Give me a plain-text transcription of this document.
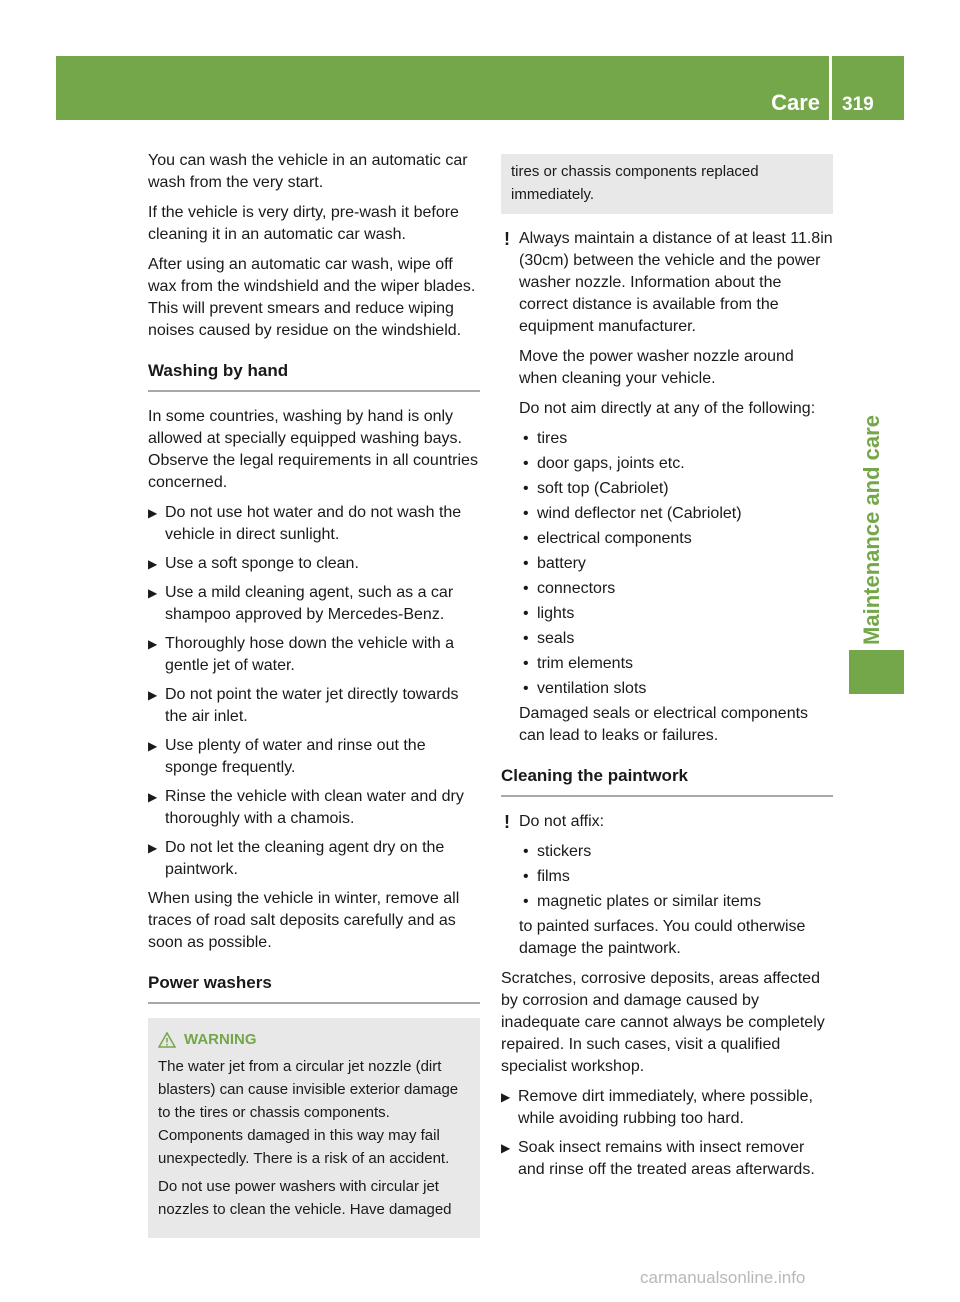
Care 319
Maintenance and care

You can wash the vehicle in an automatic car wash from the very start.

If the vehicle is very dirty, pre-wash it before cleaning it in an automatic car wash.

After using an automatic car wash, wipe off wax from the windshield and the wiper blades. This will prevent smears and reduce wiping noises caused by residue on the windshield.

Washing by hand

In some countries, washing by hand is only allowed at specially equipped washing bays. Observe the legal requirements in all countries concerned.

▶ Do not use hot water and do not wash the vehicle in direct sunlight.
▶ Use a soft sponge to clean.
▶ Use a mild cleaning agent, such as a car shampoo approved by Mercedes-Benz.
▶ Thoroughly hose down the vehicle with a gentle jet of water.
▶ Do not point the water jet directly towards the air inlet.
▶ Use plenty of water and rinse out the sponge frequently.
▶ Rinse the vehicle with clean water and dry thoroughly with a chamois.
▶ Do not let the cleaning agent dry on the paintwork.

When using the vehicle in winter, remove all traces of road salt deposits carefully and as soon as possible.

Power washers
WARNING

The water jet from a circular jet nozzle (dirt blasters) can cause invisible exterior damage to the tires or chassis components. Components damaged in this way may fail unexpectedly. There is a risk of an accident.

Do not use power washers with circular jet nozzles to clean the vehicle. Have damaged

tires or chassis components replaced immediately.
! Always maintain a distance of at least 11.8in (30cm) between the vehicle and the power washer nozzle. Information about the correct distance is available from the equipment manufacturer.

Move the power washer nozzle around when cleaning your vehicle.

Do not aim directly at any of the following:

• tires
• door gaps, joints etc.
• soft top (Cabriolet)
• wind deflector net (Cabriolet)
• electrical components
• battery
• connectors
• lights
• seals
• trim elements
• ventilation slots

Damaged seals or electrical components can lead to leaks or failures.

Cleaning the paintwork
! Do not affix:

• stickers
• films
• magnetic plates or similar items

to painted surfaces. You could otherwise damage the paintwork.

Scratches, corrosive deposits, areas affected by corrosion and damage caused by inadequate care cannot always be completely repaired. In such cases, visit a qualified specialist workshop.

▶ Remove dirt immediately, where possible, while avoiding rubbing too hard.
▶ Soak insect remains with insect remover and rinse off the treated areas afterwards.
carmanualsonline.info
